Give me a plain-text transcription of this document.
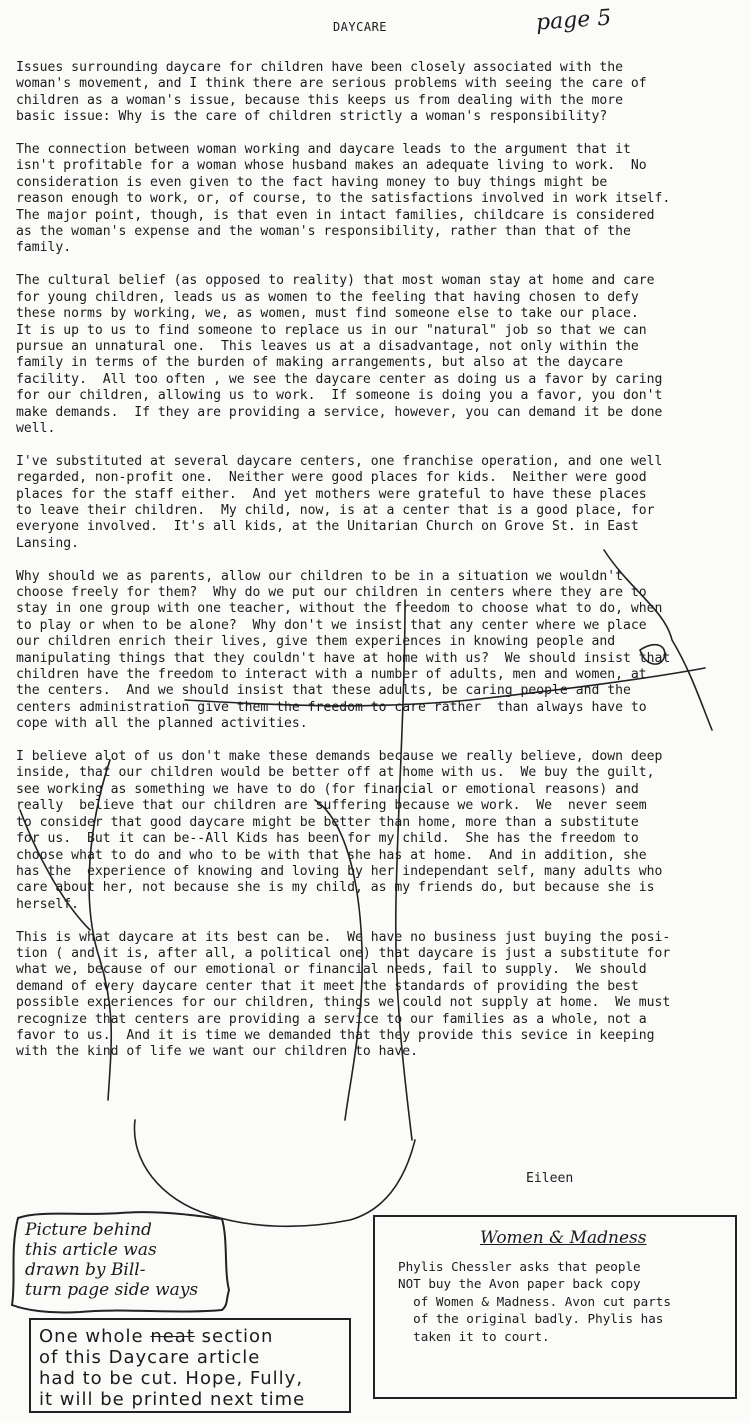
DAYCARE	page 5
Issues surrounding daycare for children have been closely associated with the
woman's movement, and I think there are serious problems with seeing the care of
children as a woman's issue, because this keeps us from dealing with the more
basic issue: Why is the care of children strictly a woman's responsibility?

The connection between woman working and daycare leads to the argument that it
isn't profitable for a woman whose husband makes an adequate living to work.  No
consideration is even given to the fact having money to buy things might be
reason enough to work, or, of course, to the satisfactions involved in work itself.
The major point, though, is that even in intact families, childcare is considered
as the woman's expense and the woman's responsibility, rather than that of the
family.

The cultural belief (as opposed to reality) that most woman stay at home and care
for young children, leads us as women to the feeling that having chosen to defy
these norms by working, we, as women, must find someone else to take our place.
It is up to us to find someone to replace us in our "natural" job so that we can
pursue an unnatural one.  This leaves us at a disadvantage, not only within the
family in terms of the burden of making arrangements, but also at the daycare
facility.  All too often , we see the daycare center as doing us a favor by caring
for our children, allowing us to work.  If someone is doing you a favor, you don't
make demands.  If they are providing a service, however, you can demand it be done
well.

I've substituted at several daycare centers, one franchise operation, and one well
regarded, non-profit one.  Neither were good places for kids.  Neither were good
places for the staff either.  And yet mothers were grateful to have these places
to leave their children.  My child, now, is at a center that is a good place, for
everyone involved.  It's all kids, at the Unitarian Church on Grove St. in East
Lansing.

Why should we as parents, allow our children to be in a situation we wouldn't
choose freely for them?  Why do we put our children in centers where they are to
stay in one group with one teacher, without the freedom to choose what to do, when
to play or when to be alone?  Why don't we insist that any center where we place
our children enrich their lives, give them experiences in knowing people and
manipulating things that they couldn't have at home with us?  We should insist that
children have the freedom to interact with a number of adults, men and women, at
the centers.  And we should insist that these adults, be caring people and the
centers administration give them the freedom to care rather  than always have to
cope with all the planned activities.

I believe alot of us don't make these demands because we really believe, down deep
inside, that our children would be better off at home with us.  We buy the guilt,
see working as something we have to do (for financial or emotional reasons) and
really  believe that our children are suffering because we work.  We  never seem
to consider that good daycare might be better than home, more than a substitute
for us.  But it can be--All Kids has been for my child.  She has the freedom to
choose what to do and who to be with that she has at home.  And in addition, she
has the  experience of knowing and loving by her independant self, many adults who
care about her, not because she is my child, as my friends do, but because she is
herself.

This is what daycare at its best can be.  We have no business just buying the posi-
tion ( and it is, after all, a political one) that daycare is just a substitute for
what we, because of our emotional or financial needs, fail to supply.  We should
demand of every daycare center that it meet the standards of providing the best
possible experiences for our children, things we could not supply at home.  We must
recognize that centers are providing a service to our families as a whole, not a
favor to us.  And it is time we demanded that they provide this sevice in keeping
with the kind of life we want our children to have.
Eileen
Picture behind
this article was
drawn by Bill-
turn page side ways
One whole neat section
of this Daycare article
had to be cut. Hope, Fully,
it will be printed next time
Women & Madness
Phylis Chessler asks that people
NOT buy the Avon paper back copy
of Women & Madness. Avon cut parts
of the original badly. Phylis has
taken it to court.
